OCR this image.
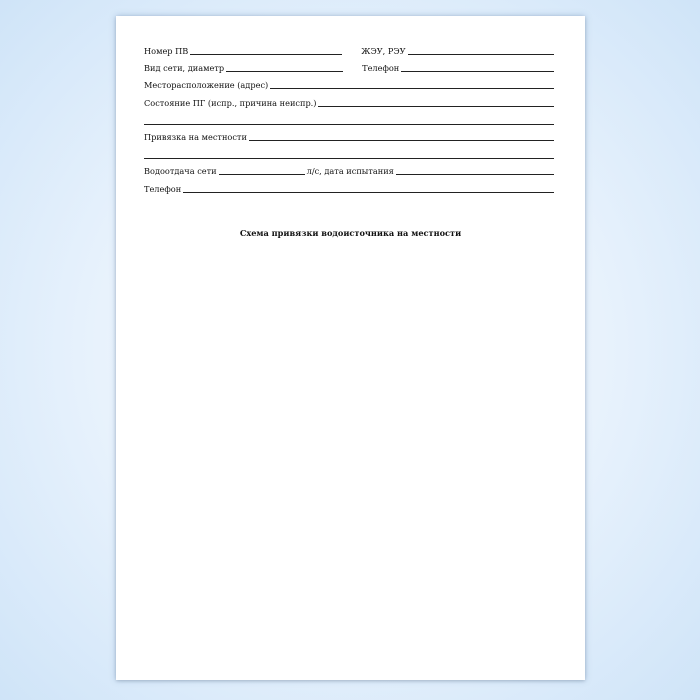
Номер ПВ	ЖЭУ, РЭУ
Вид сети, диаметр	Телефон
Месторасположение (адрес)
Состояние ПГ (испр., причина неиспр.)
Привязка на местности
Водоотдача сети	л/с, дата испытания
Телефон
Схема привязки водоисточника на местности
